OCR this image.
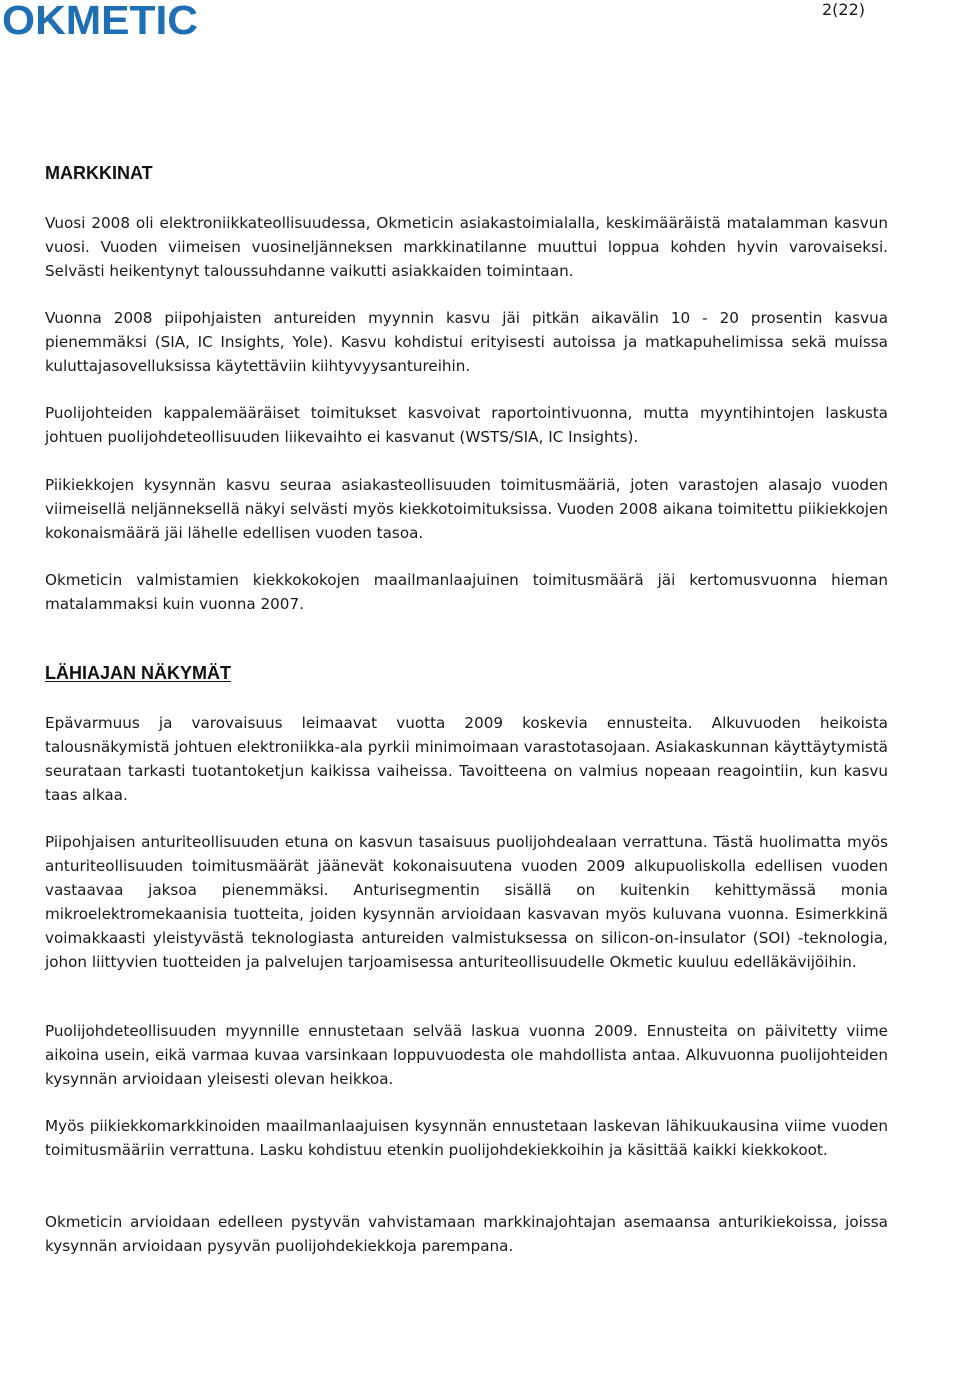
OKMETIC	2(22)
MARKKINAT

Vuosi 2008 oli elektroniikkateollisuudessa, Okmeticin asiakastoimialalla, keskimääräistä matalamman kasvun vuosi. Vuoden viimeisen vuosineljänneksen markkinatilanne muuttui loppua kohden hyvin varovaiseksi. Selvästi heikentynyt taloussuhdanne vaikutti asiakkaiden toimintaan.

Vuonna 2008 piipohjaisten antureiden myynnin kasvu jäi pitkän aikavälin 10 - 20 prosentin kasvua pienemmäksi (SIA, IC Insights, Yole). Kasvu kohdistui erityisesti autoissa ja matkapuhelimissa sekä muissa kuluttajasovelluksissa käytettäviin kiihtyvyysantureihin.

Puolijohteiden kappalemääräiset toimitukset kasvoivat raportointivuonna, mutta myyntihintojen laskusta johtuen puolijohdeteollisuuden liikevaihto ei kasvanut (WSTS/SIA, IC Insights).

Piikiekkojen kysynnän kasvu seuraa asiakasteollisuuden toimitusmääriä, joten varastojen alasajo vuoden viimeisellä neljänneksellä näkyi selvästi myös kiekkotoimituksissa. Vuoden 2008 aikana toimitettu piikiekkojen kokonaismäärä jäi lähelle edellisen vuoden tasoa.

Okmeticin valmistamien kiekkokokojen maailmanlaajuinen toimitusmäärä jäi kertomusvuonna hieman matalammaksi kuin vuonna 2007.

LÄHIAJAN NÄKYMÄT

Epävarmuus ja varovaisuus leimaavat vuotta 2009 koskevia ennusteita. Alkuvuoden heikoista talousnäkymistä johtuen elektroniikka-ala pyrkii minimoimaan varastotasojaan. Asiakaskunnan käyttäytymistä seurataan tarkasti tuotantoketjun kaikissa vaiheissa. Tavoitteena on valmius nopeaan reagointiin, kun kasvu taas alkaa.

Piipohjaisen anturiteollisuuden etuna on kasvun tasaisuus puolijohdealaan verrattuna. Tästä huolimatta myös anturiteollisuuden toimitusmäärät jäänevät kokonaisuutena vuoden 2009 alkupuoliskolla edellisen vuoden vastaavaa jaksoa pienemmäksi. Anturisegmentin sisällä on kuitenkin kehittymässä monia mikroelektromekaanisia tuotteita, joiden kysynnän arvioidaan kasvavan myös kuluvana vuonna. Esimerkkinä voimakkaasti yleistyvästä teknologiasta antureiden valmistuksessa on silicon-on-insulator (SOI) -teknologia, johon liittyvien tuotteiden ja palvelujen tarjoamisessa anturiteollisuudelle Okmetic kuuluu edelläkävijöihin.

Puolijohdeteollisuuden myynnille ennustetaan selvää laskua vuonna 2009. Ennusteita on päivitetty viime aikoina usein, eikä varmaa kuvaa varsinkaan loppuvuodesta ole mahdollista antaa. Alkuvuonna puolijohteiden kysynnän arvioidaan yleisesti olevan heikkoa.

Myös piikiekkomarkkinoiden maailmanlaajuisen kysynnän ennustetaan laskevan lähikuukausina viime vuoden toimitusmääriin verrattuna. Lasku kohdistuu etenkin puolijohdekiekkoihin ja käsittää kaikki kiekkokoot.

Okmeticin arvioidaan edelleen pystyvän vahvistamaan markkinajohtajan asemaansa anturikiekoissa, joissa kysynnän arvioidaan pysyvän puolijohdekiekkoja parempana.
